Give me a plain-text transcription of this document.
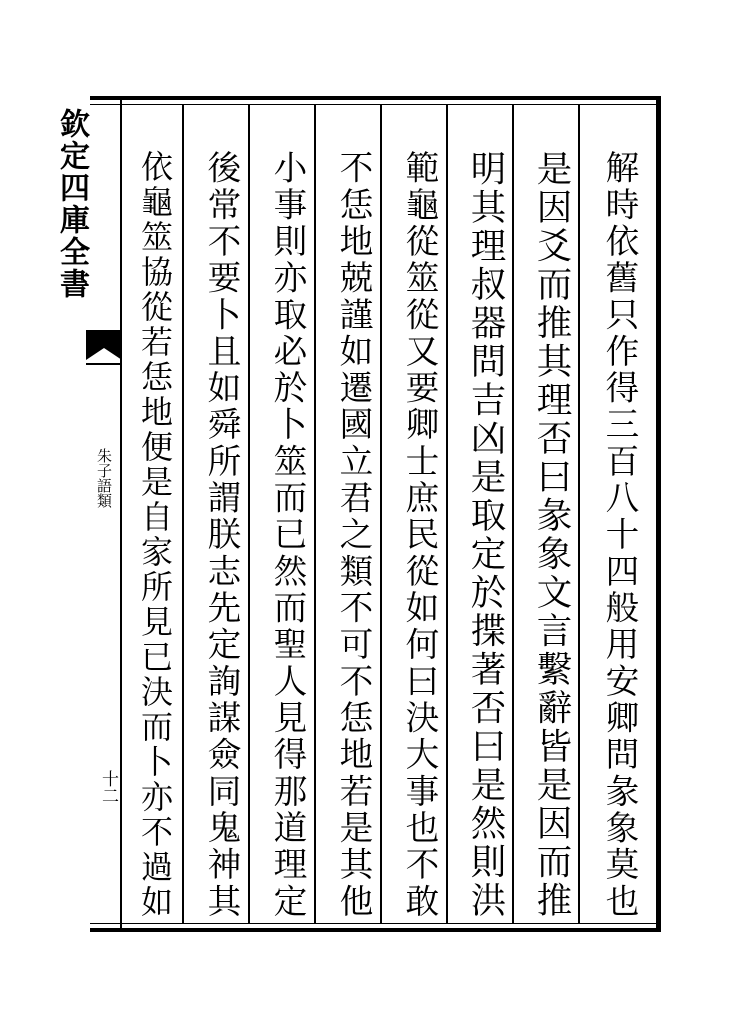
欽定四庫全書
朱子語類
十二	解時依舊只作得三百八十四般用安卿問彖象莫也
是因爻而推其理否曰彖象文言繫辭皆是因而推
明其理叔器問吉凶是取定於揲著否曰是然則洪
範龜從筮從又要卿士庶民從如何曰決大事也不敢
不恁地兢謹如遷國立君之類不可不恁地若是其他
小事則亦取必於卜筮而已然而聖人見得那道理定
後常不要卜且如舜所謂朕志先定詢謀僉同鬼神其
依龜筮協從若恁地便是自家所見已決而卜亦不過如
